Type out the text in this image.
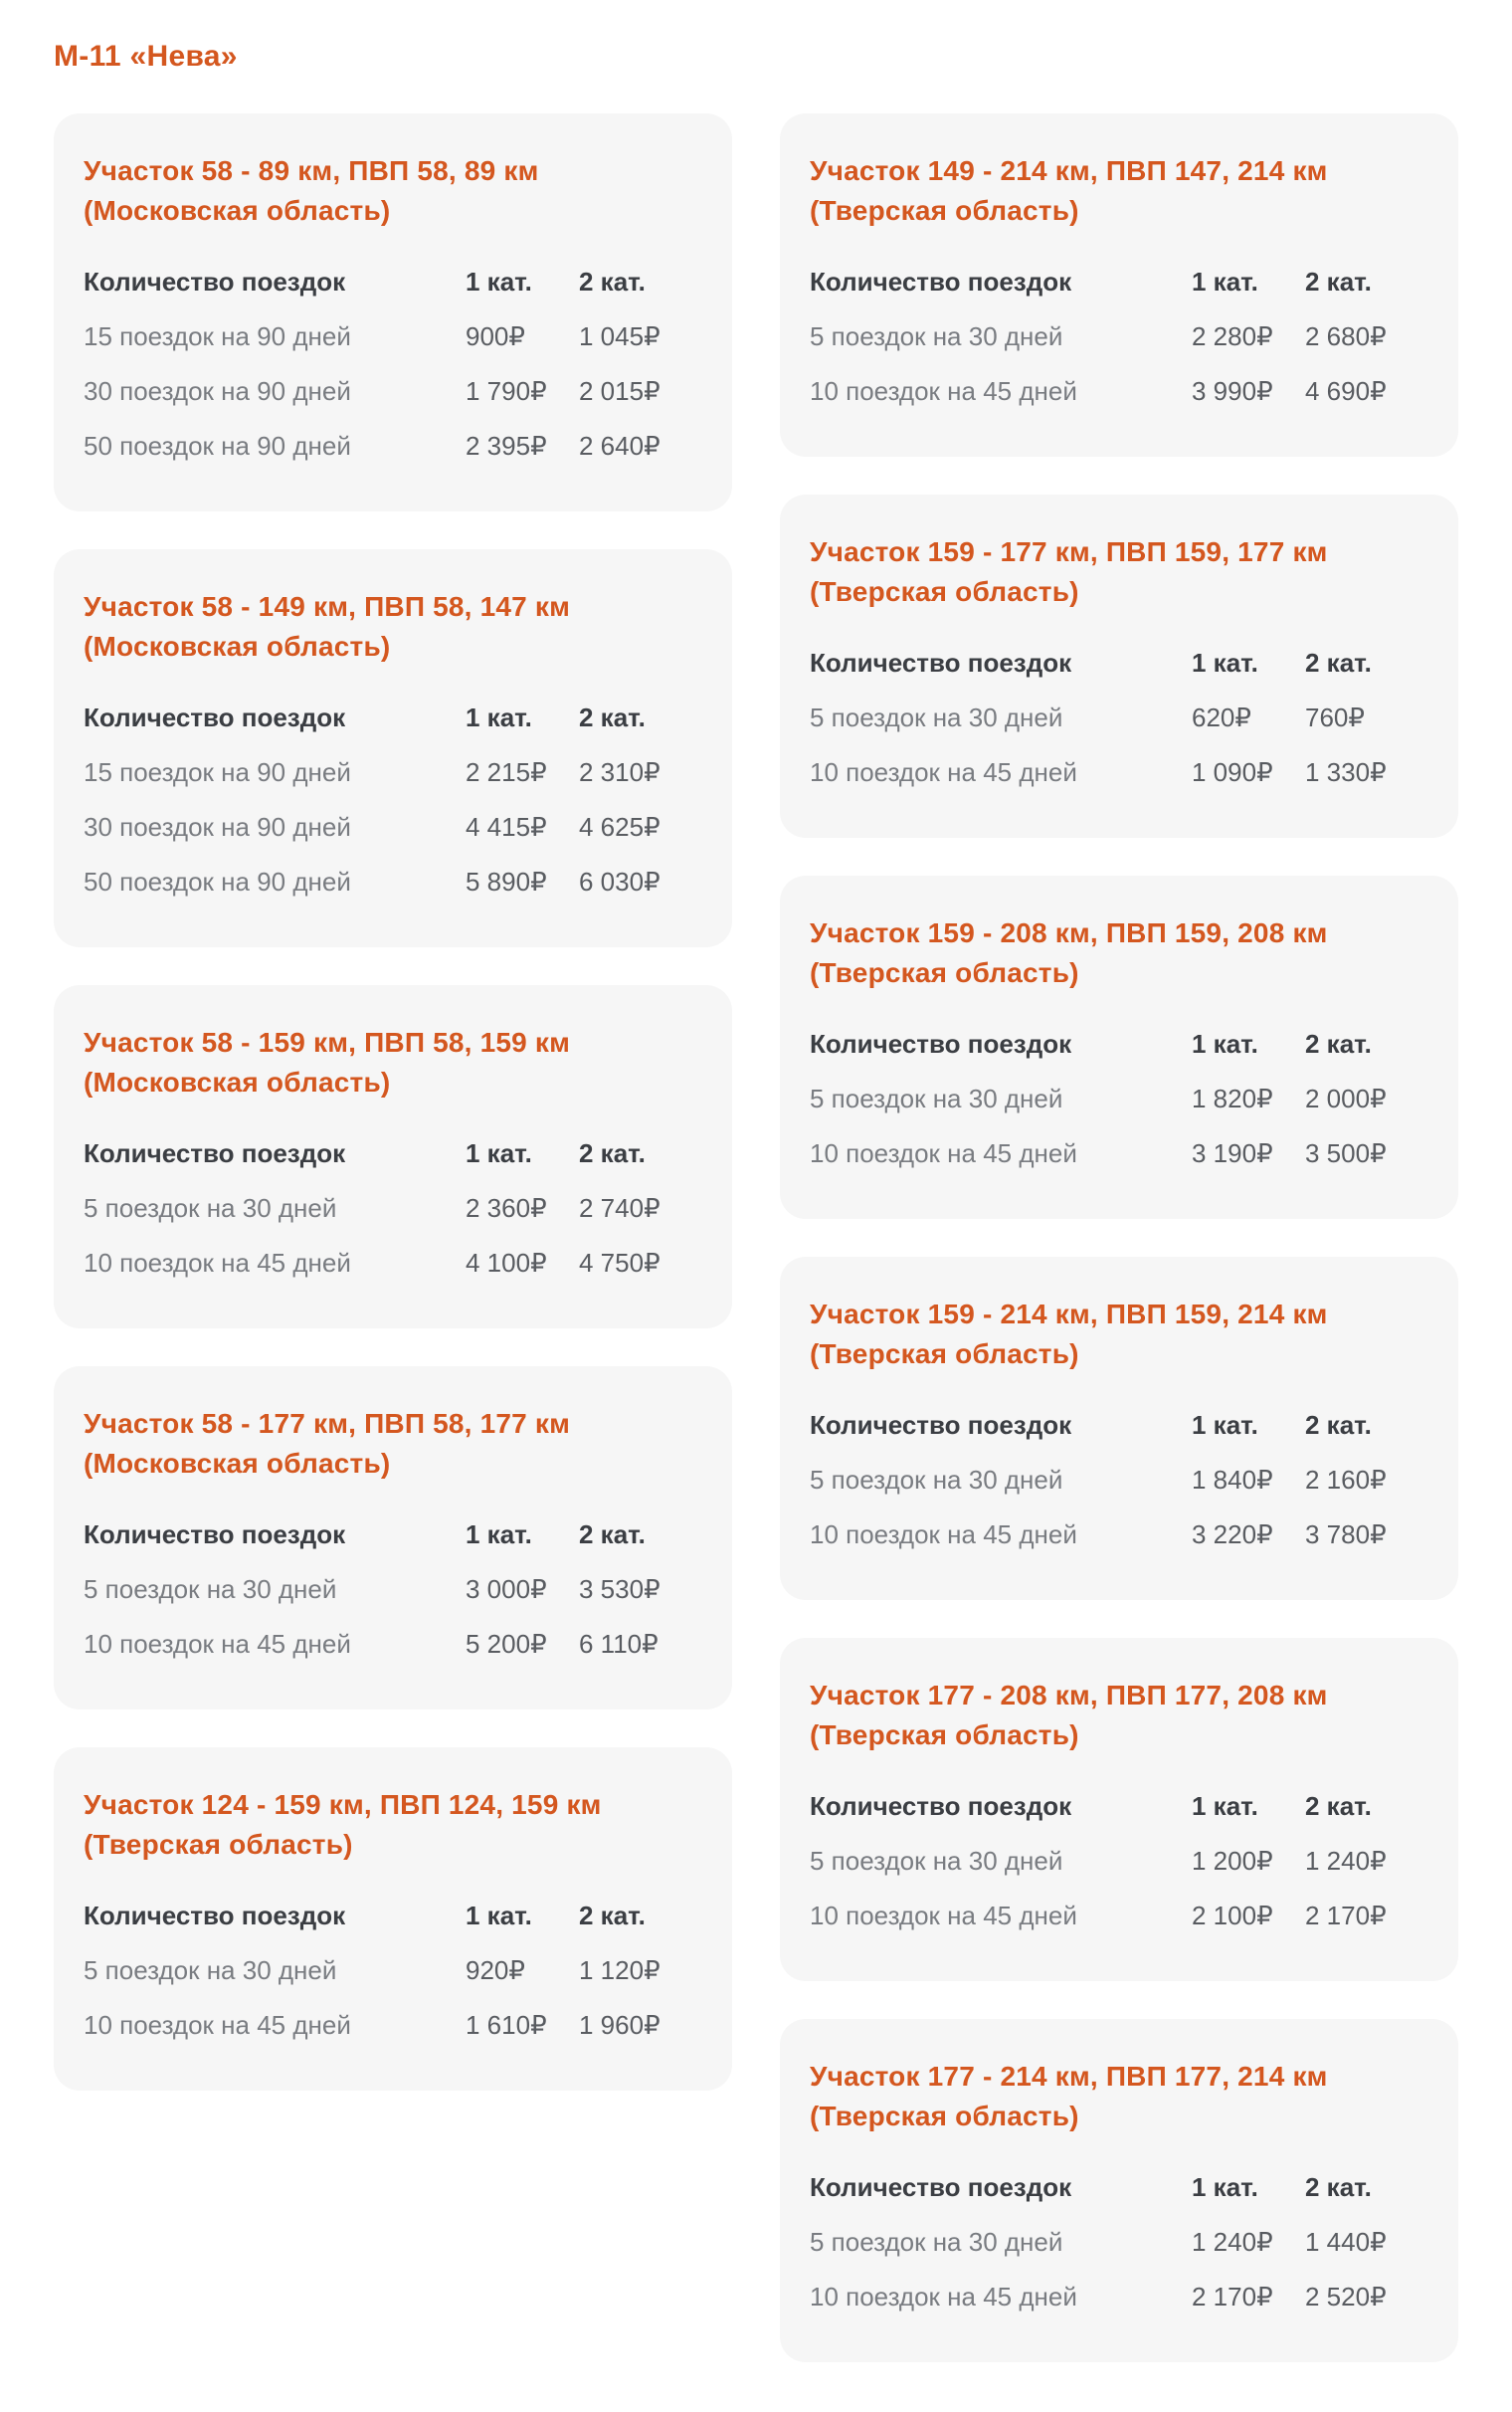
М-11 «Нева»
Участок 58 - 89 км, ПВП 58, 89 км
(Московская область)
Количество поездок	1 кат.	2 кат.
15 поездок на 90 дней	900₽	1 045₽
30 поездок на 90 дней	1 790₽	2 015₽
50 поездок на 90 дней	2 395₽	2 640₽
Участок 58 - 149 км, ПВП 58, 147 км
(Московская область)
Количество поездок	1 кат.	2 кат.
15 поездок на 90 дней	2 215₽	2 310₽
30 поездок на 90 дней	4 415₽	4 625₽
50 поездок на 90 дней	5 890₽	6 030₽
Участок 58 - 159 км, ПВП 58, 159 км
(Московская область)
Количество поездок	1 кат.	2 кат.
5 поездок на 30 дней	2 360₽	2 740₽
10 поездок на 45 дней	4 100₽	4 750₽
Участок 58 - 177 км, ПВП 58, 177 км
(Московская область)
Количество поездок	1 кат.	2 кат.
5 поездок на 30 дней	3 000₽	3 530₽
10 поездок на 45 дней	5 200₽	6 110₽
Участок 124 - 159 км, ПВП 124, 159 км
(Тверская область)
Количество поездок	1 кат.	2 кат.
5 поездок на 30 дней	920₽	1 120₽
10 поездок на 45 дней	1 610₽	1 960₽
Участок 149 - 214 км, ПВП 147, 214 км
(Тверская область)
Количество поездок	1 кат.	2 кат.
5 поездок на 30 дней	2 280₽	2 680₽
10 поездок на 45 дней	3 990₽	4 690₽
Участок 159 - 177 км, ПВП 159, 177 км
(Тверская область)
Количество поездок	1 кат.	2 кат.
5 поездок на 30 дней	620₽	760₽
10 поездок на 45 дней	1 090₽	1 330₽
Участок 159 - 208 км, ПВП 159, 208 км
(Тверская область)
Количество поездок	1 кат.	2 кат.
5 поездок на 30 дней	1 820₽	2 000₽
10 поездок на 45 дней	3 190₽	3 500₽
Участок 159 - 214 км, ПВП 159, 214 км
(Тверская область)
Количество поездок	1 кат.	2 кат.
5 поездок на 30 дней	1 840₽	2 160₽
10 поездок на 45 дней	3 220₽	3 780₽
Участок 177 - 208 км, ПВП 177, 208 км
(Тверская область)
Количество поездок	1 кат.	2 кат.
5 поездок на 30 дней	1 200₽	1 240₽
10 поездок на 45 дней	2 100₽	2 170₽
Участок 177 - 214 км, ПВП 177, 214 км
(Тверская область)
Количество поездок	1 кат.	2 кат.
5 поездок на 30 дней	1 240₽	1 440₽
10 поездок на 45 дней	2 170₽	2 520₽
